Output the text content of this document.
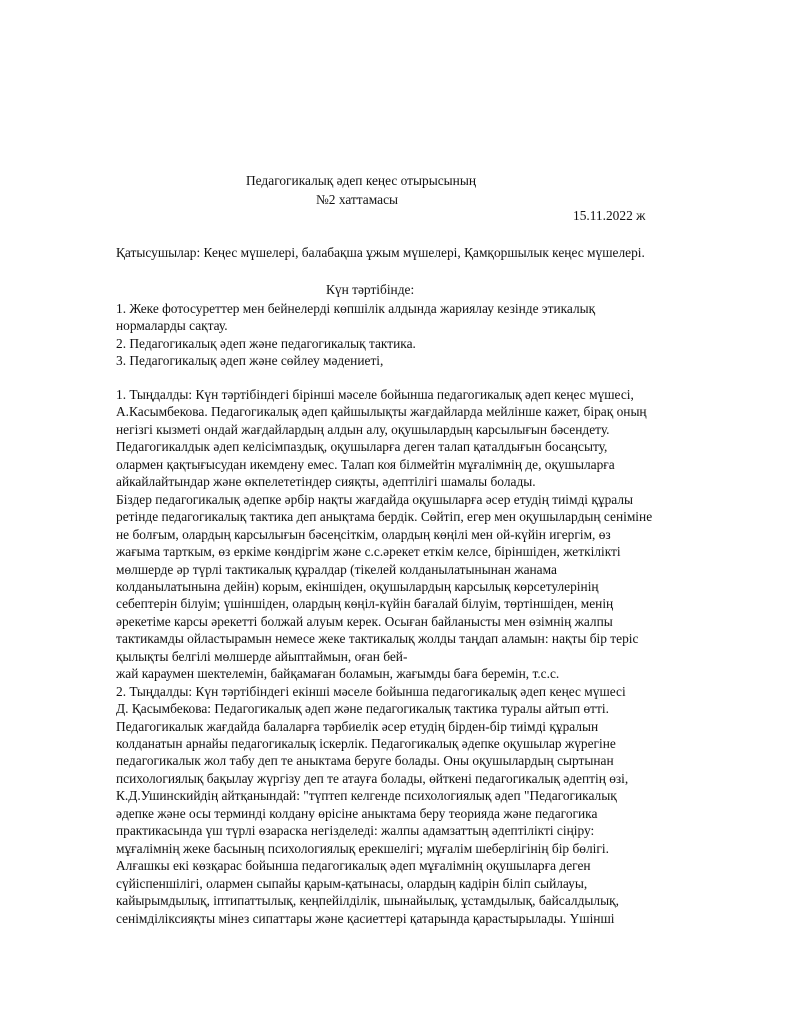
Педагогикалық әдеп кеңес отырысының
№2 хаттамасы
15.11.2022 ж
Қатысушылар: Кеңес мүшелері, балабақша ұжым мүшелері, Қамқоршылык кеңес мүшелері.
Күн тәртібінде:
1. Жеке фотосуреттер мен бейнелерді көпшілік алдында жариялау кезінде этикалық
нормаларды сақтау.
2. Педагогикалық әдеп және педагогикалық тактика.
3. Педагогикалық әдеп және сөйлеу мәдениеті,
1. Тыңдалды: Күн тәртібіндегі бірінші мәселе бойынша педагогикалық әдеп кеңес мүшесі,
А.Касымбекова. Педагогикалық әдеп қайшылықты жағдайларда мейлінше кажет, бірақ оның
негізгі кызметі ондай жағдайлардың алдын алу, оқушылардың карсылығын бәсендету.
Педагогикалдык әдеп келісімпаздық, оқушыларға деген талап қаталдығын босаңсыту,
олармен қақтығысудан икемдену емес. Талап коя білмейтін мұғалімнің де, оқушыларға
айкайлайтындар және өкпелететіндер сияқты, әдептілігі шамалы болады.
Біздер педагогикалық әдепке әрбір нақты жағдайда оқушыларға әсер етудің тиімді құралы
ретінде педагогикалық тактика деп анықтама бердік. Сөйтіп, егер мен оқушылардың сеніміне
не болғым, олардың карсылығын бәсеңсіткім, олардың көңілі мен ой-күйін игергім, өз
жағыма тарткым, өз еркіме көндіргім және с.с.әрекет еткім келсе, біріншіден, жеткілікті
мөлшерде әр түрлі тактикалық құралдар (тікелей колданылатынынан жанама
колданылатынына дейін) корым, екіншіден, оқушылардың карсылық көрсетулерінің
себептерін білуім; үшіншіден, олардың көңіл-күйін бағалай білуім, төртіншіден, менің
әрекетіме карсы әрекетті болжай алуым керек. Осыған байланысты мен өзімнің жалпы
тактикамды ойластырамын немесе жеке тактикалық жолды таңдап аламын: нақты бір теріс
қылықты белгілі мөлшерде айыптаймын, оған бей-
жай караумен шектелемін, байқамаған боламын, жағымды баға беремін, т.с.с.
2. Тыңдалды: Күн тәртібіндегі екінші мәселе бойынша педагогикалық әдеп кеңес мүшесі
Д. Қасымбекова: Педагогикалық әдеп және педагогикалық тактика туралы айтып өтті.
Педагогикалык жағдайда балаларға тәрбиелік әсер етудің бірден-бір тиімді құралын
колданатын арнайы педагогикалық іскерлік. Педагогикалық әдепке оқушылар жүрегіне
педагогикалык жол табу деп те аныктама беруге болады. Оны оқушылардың сыртынан
психологиялық бақылау жүргізу деп те атауға болады, өйткені педагогикалық әдептің өзі,
К.Д.Ушинскийдің айтқанындай: "түптеп келгенде психологиялық әдеп "Педагогикалық
әдепке және осы терминді колдану өрісіне аныктама беру теорияда және педагогика
практикасында үш түрлі өзараска негізделеді: жалпы адамзаттың әдептілікті сіңіру:
мұғалімнің жеке басының психологиялық ерекшелігі; мұғалім шеберлігінің бір бөлігі.
Алғашкы екі көзқарас бойынша педагогикалық әдеп мұғалімнің оқушыларға деген
сүйіспеншілігі, олармен сыпайы қарым-қатынасы, олардың кадірін біліп сыйлауы,
кайырымдылық, іптипаттылық, кеңпейілділік, шынайылық, ұстамдылық, байсалдылық,
сенімділіксияқты мінез сипаттары және қасиеттері қатарында қарастырылады. Үшінші
